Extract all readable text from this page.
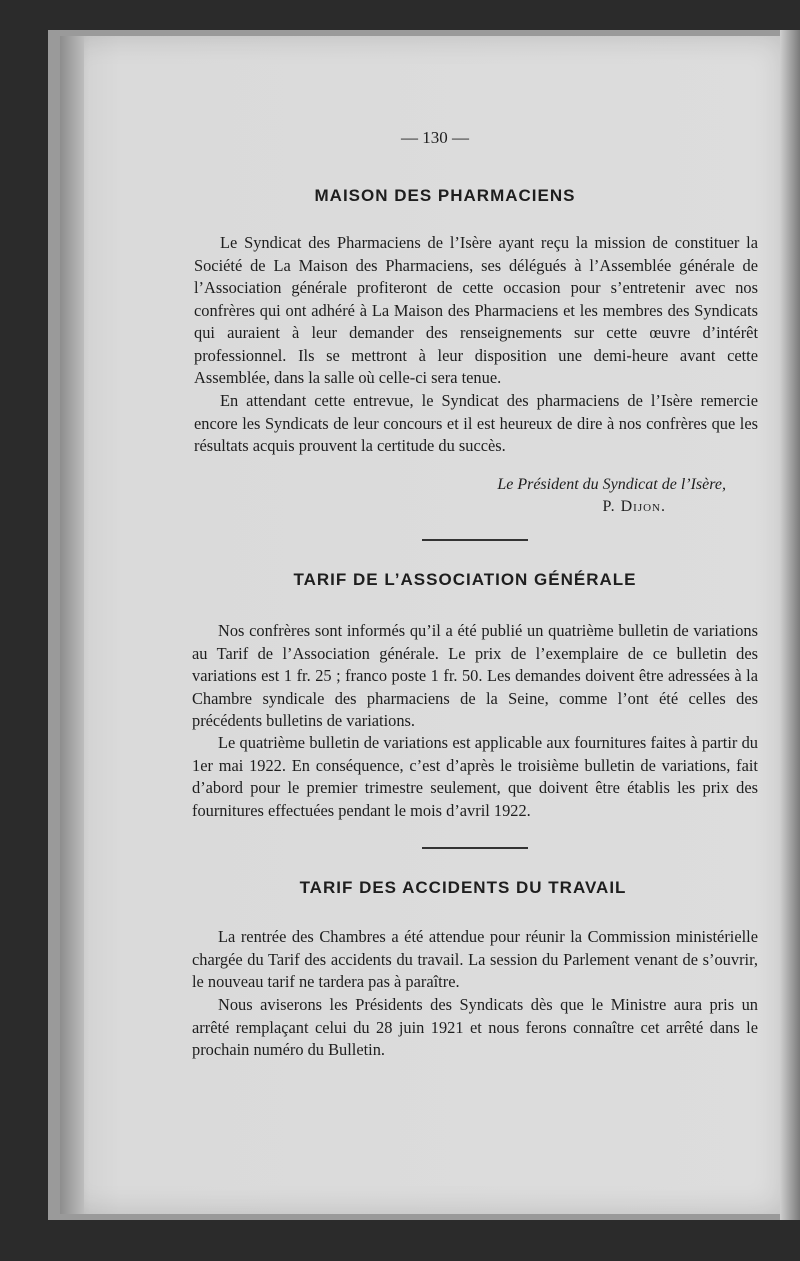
— 130 —
MAISON DES PHARMACIENS

Le Syndicat des Pharmaciens de l’Isère ayant reçu la mission de constituer la Société de La Maison des Pharmaciens, ses délégués à l’Assemblée générale de l’Association générale profiteront de cette occasion pour s’entretenir avec nos confrères qui ont adhéré à La Maison des Pharmaciens et les membres des Syndicats qui auraient à leur demander des renseignements sur cette œuvre d’intérêt professionnel. Ils se mettront à leur disposition une demi-heure avant cette Assemblée, dans la salle où celle-ci sera tenue.

En attendant cette entrevue, le Syndicat des pharmaciens de l’Isère remercie encore les Syndicats de leur concours et il est heureux de dire à nos confrères que les résultats acquis prouvent la certitude du succès.

Le Président du Syndicat de l’Isère,
P. Dijon.
TARIF DE L’ASSOCIATION GÉNÉRALE

Nos confrères sont informés qu’il a été publié un quatrième bulletin de variations au Tarif de l’Association générale. Le prix de l’exemplaire de ce bulletin des variations est 1 fr. 25 ; franco poste 1 fr. 50. Les demandes doivent être adressées à la Chambre syndicale des pharmaciens de la Seine, comme l’ont été celles des précédents bulletins de variations.

Le quatrième bulletin de variations est applicable aux fournitures faites à partir du 1er mai 1922. En conséquence, c’est d’après le troisième bulletin de variations, fait d’abord pour le premier trimestre seulement, que doivent être établis les prix des fournitures effectuées pendant le mois d’avril 1922.

TARIF DES ACCIDENTS DU TRAVAIL

La rentrée des Chambres a été attendue pour réunir la Commission ministérielle chargée du Tarif des accidents du travail. La session du Parlement venant de s’ouvrir, le nouveau tarif ne tardera pas à paraître.

Nous aviserons les Présidents des Syndicats dès que le Ministre aura pris un arrêté remplaçant celui du 28 juin 1921 et nous ferons connaître cet arrêté dans le prochain numéro du Bulletin.
